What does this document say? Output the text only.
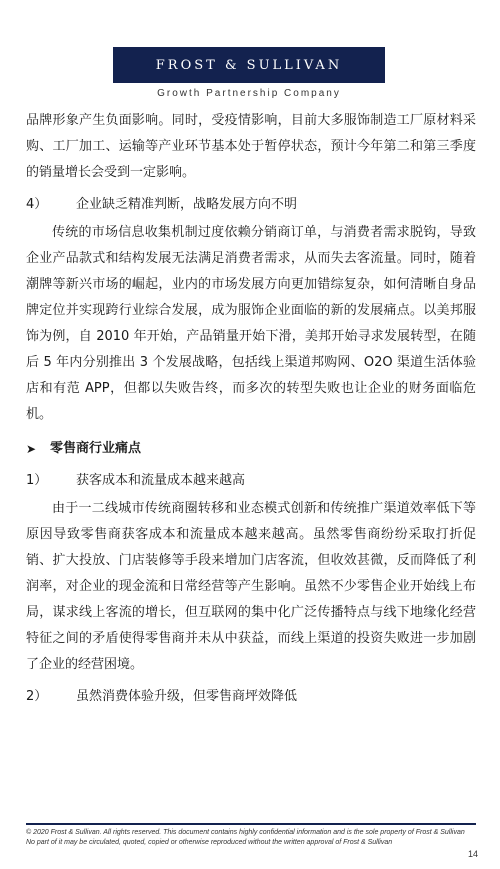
FROST & SULLIVAN
Growth Partnership Company

品牌形象产生负面影响。同时，受疫情影响，目前大多服饰制造工厂原材料采购、工厂加工、运输等产业环节基本处于暂停状态，预计今年第二和第三季度的销量增长会受到一定影响。

4）	企业缺乏精准判断，战略发展方向不明

传统的市场信息收集机制过度依赖分销商订单，与消费者需求脱钩，导致企业产品款式和结构发展无法满足消费者需求，从而失去客流量。同时，随着潮牌等新兴市场的崛起，业内的市场发展方向更加错综复杂，如何清晰自身品牌定位并实现跨行业综合发展，成为服饰企业面临的新的发展痛点。以美邦服饰为例，自 2010 年开始，产品销量开始下滑，美邦开始寻求发展转型，在随后 5 年内分别推出 3 个发展战略，包括线上渠道邦购网、O2O 渠道生活体验店和有范 APP，但都以失败告终，而多次的转型失败也让企业的财务面临危机。

➤	零售商行业痛点
1）	获客成本和流量成本越来越高

由于一二线城市传统商圈转移和业态模式创新和传统推广渠道效率低下等原因导致零售商获客成本和流量成本越来越高。虽然零售商纷纷采取打折促销、扩大投放、门店装修等手段来增加门店客流，但收效甚微，反而降低了利润率，对企业的现金流和日常经营等产生影响。虽然不少零售企业开始线上布局，谋求线上客流的增长，但互联网的集中化广泛传播特点与线下地缘化经营特征之间的矛盾使得零售商并未从中获益，而线上渠道的投资失败进一步加剧了企业的经营困境。

2）	虽然消费体验升级，但零售商坪效降低
© 2020 Frost & Sullivan. All rights reserved. This document contains highly confidential information and is the sole property of Frost & Sullivan
No part of it may be circulated, quoted, copied or otherwise reproduced without the written approval of Frost & Sullivan
14
